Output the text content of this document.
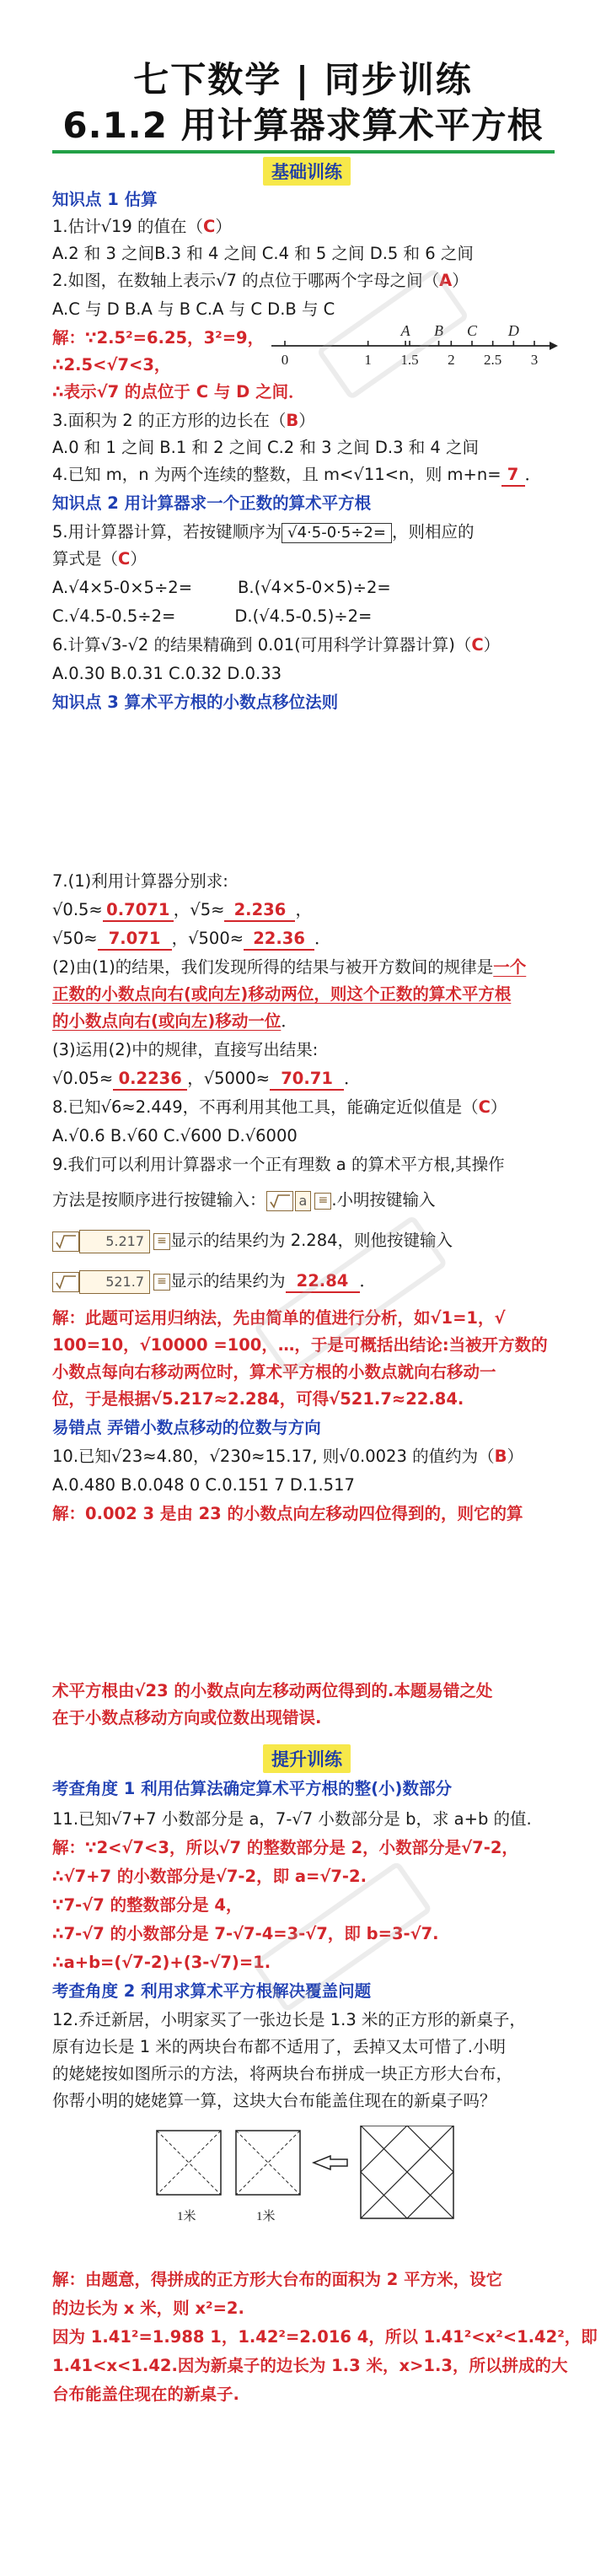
七下数学 | 同步训练
6.1.2 用计算器求算术平方根
基础训练
知识点 1 估算
1.估计√19 的值在（C）
A.2 和 3 之间B.3 和 4 之间 C.4 和 5 之间 D.5 和 6 之间
2.如图，在数轴上表示√7 的点位于哪两个字母之间（A）
A.C 与 D B.A 与 B C.A 与 C D.B 与 C
解：∵2.5²=6.25，3²=9，
∴2.5<√7<3，
∴表示√7 的点位于 C 与 D 之间．
0	1 1.5 2 2.5 3
A B C D
3.面积为 2 的正方形的边长在（B）
A.0 和 1 之间 B.1 和 2 之间 C.2 和 3 之间 D.3 和 4 之间
4.已知 m，n 为两个连续的整数，且 m<√11<n，则 m+n= 7 ．
知识点 2 用计算器求一个正数的算术平方根
5.用计算器计算，若按键顺序为 √4·5-0·5÷2= ，则相应的
算式是（C）
A.√4×5-0×5÷2=	B.(√4×5-0×5)÷2=
C.√4.5-0.5÷2=	D.(√4.5-0.5)÷2=
6.计算√3-√2 的结果精确到 0.01(可用科学计算器计算)（C）
A.0.30 B.0.31 C.0.32 D.0.33
知识点 3 算术平方根的小数点移位法则
7.(1)利用计算器分别求:
√0.5≈ 0.7071 ，√5≈ 2.236 ，
√50≈ 7.071 ，√500≈ 22.36 ．
(2)由(1)的结果，我们发现所得的结果与被开方数间的规律是一个
正数的小数点向右(或向左)移动两位，则这个正数的算术平方根
的小数点向右(或向左)移动一位．
(3)运用(2)中的规律，直接写出结果:
√0.05≈ 0.2236 ，√5000≈ 70.71 ．
8.已知√6≈2.449，不再利用其他工具，能确定近似值是（C）
A.√0.6 B.√60 C.√600 D.√6000
9.我们可以利用计算器求一个正有理数 a 的算术平方根,其操作
方法是按顺序进行按键输入： a ≡ .小明按键输入
5.217 ≡ 显示的结果约为 2.284，则他按键输入
521.7 ≡ 显示的结果约为 22.84 ．
解：此题可运用归纳法，先由简单的值进行分析，如√1=1，√
100=10，√10000 =100，…，于是可概括出结论:当被开方数的
小数点每向右移动两位时，算术平方根的小数点就向右移动一
位，于是根据√5.217≈2.284，可得√521.7≈22.84.
易错点 弄错小数点移动的位数与方向
10.已知√23≈4.80，√230≈15.17, 则√0.0023 的值约为（B）
A.0.480 B.0.048 0 C.0.151 7 D.1.517
解：0.002 3 是由 23 的小数点向左移动四位得到的，则它的算
术平方根由√23 的小数点向左移动两位得到的.本题易错之处
在于小数点移动方向或位数出现错误.
提升训练
考查角度 1 利用估算法确定算术平方根的整(小)数部分
11.已知√7+7 小数部分是 a，7-√7 小数部分是 b，求 a+b 的值.
解：∵2<√7<3，所以√7 的整数部分是 2，小数部分是√7-2，
∴√7+7 的小数部分是√7-2，即 a=√7-2.
∵7-√7 的整数部分是 4，
∴7-√7 的小数部分是 7-√7-4=3-√7，即 b=3-√7.
∴a+b=(√7-2)+(3-√7)=1.
考查角度 2 利用求算术平方根解决覆盖问题
12.乔迁新居，小明家买了一张边长是 1.3 米的正方形的新桌子，
原有边长是 1 米的两块台布都不适用了，丢掉又太可惜了.小明
的姥姥按如图所示的方法，将两块台布拼成一块正方形大台布，
你帮小明的姥姥算一算，这块大台布能盖住现在的新桌子吗？
1米	1米
解：由题意，得拼成的正方形大台布的面积为 2 平方米，设它
的边长为 x 米，则 x²=2.
因为 1.41²=1.988 1，1.42²=2.016 4，所以 1.41²<x²<1.42²，即
1.41<x<1.42.因为新桌子的边长为 1.3 米，x>1.3，所以拼成的大
台布能盖住现在的新桌子.
